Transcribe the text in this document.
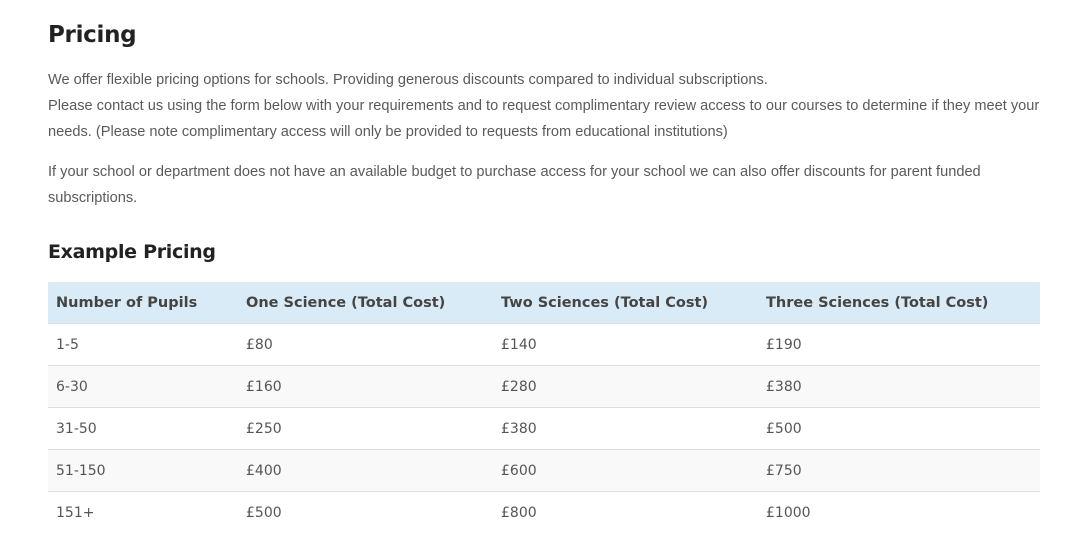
Pricing

We offer flexible pricing options for schools. Providing generous discounts compared to individual subscriptions.

Please contact us using the form below with your requirements and to request complimentary review access to our courses to determine if they meet your needs. (Please note complimentary access will only be provided to requests from educational institutions)

If your school or department does not have an available budget to purchase access for your school we can also offer discounts for parent funded subscriptions.

Example Pricing
Number of Pupils	One Science (Total Cost)	Two Sciences (Total Cost)	Three Sciences (Total Cost)
1-5	£80	£140	£190
6-30	£160	£280	£380
31-50	£250	£380	£500
51-150	£400	£600	£750
151+	£500	£800	£1000
